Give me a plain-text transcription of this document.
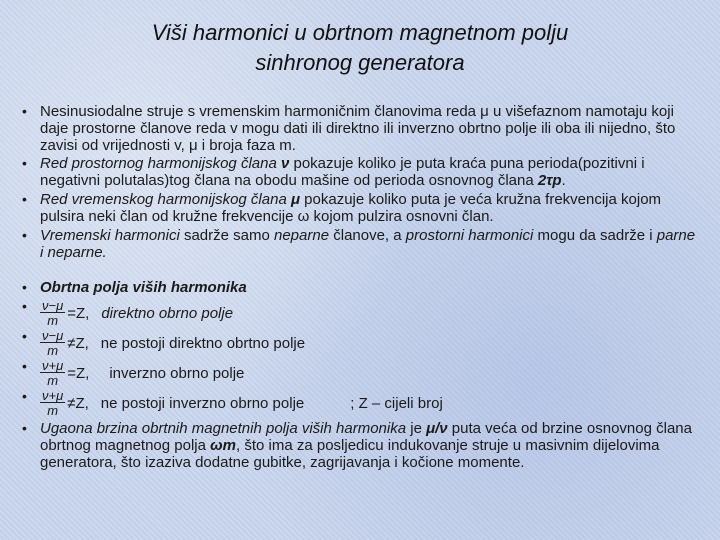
Viši harmonici u obrtnom magnetnom polju
sinhronog generatora
• Nesinusiodalne struje s vremenskim harmoničnim članovima reda μ u višefaznom namotaju koji daje prostorne članove reda v mogu dati ili direktno ili inverzno obrtno polje ili oba ili nijedno, što zavisi od vrijednosti v, μ i broja faza m.
• Red prostornog harmonijskog člana ν pokazuje koliko je puta kraća puna perioda(pozitivni i negativni polutalas)tog člana na obodu mašine od perioda osnovnog člana 2τp.
• Red vremenskog harmonijskog člana μ pokazuje koliko puta je veća kružna frekvencija kojom pulsira neki član od kružne frekvencije ω kojom pulzira osnovni član.
• Vremenski harmonici sadrže samo neparne članove, a prostorni harmonici mogu da sadrže i parne i neparne.
• Obrtna polja viših harmonika
• $\frac{\nu-\mu}{m} =Z$, direktno obrno polje
• $\frac{\nu-\mu}{m} \ne Z$, ne postoji direktno obrtno polje
• $\frac{\nu+\mu}{m} =Z$, inverzno obrno polje
• $\frac{\nu+\mu}{m} \ne Z$, ne postoji inverzno obrno polje	; Z – cijeli broj
• Ugaona brzina obrtnih magnetnih polja viših harmonika je μ/ν puta veća od brzine osnovnog člana obrtnog magnetnog polja ωm, što ima za posljedicu indukovanje struje u masivnim dijelovima generatora, što izaziva dodatne gubitke, zagrijavanja i kočione momente.
